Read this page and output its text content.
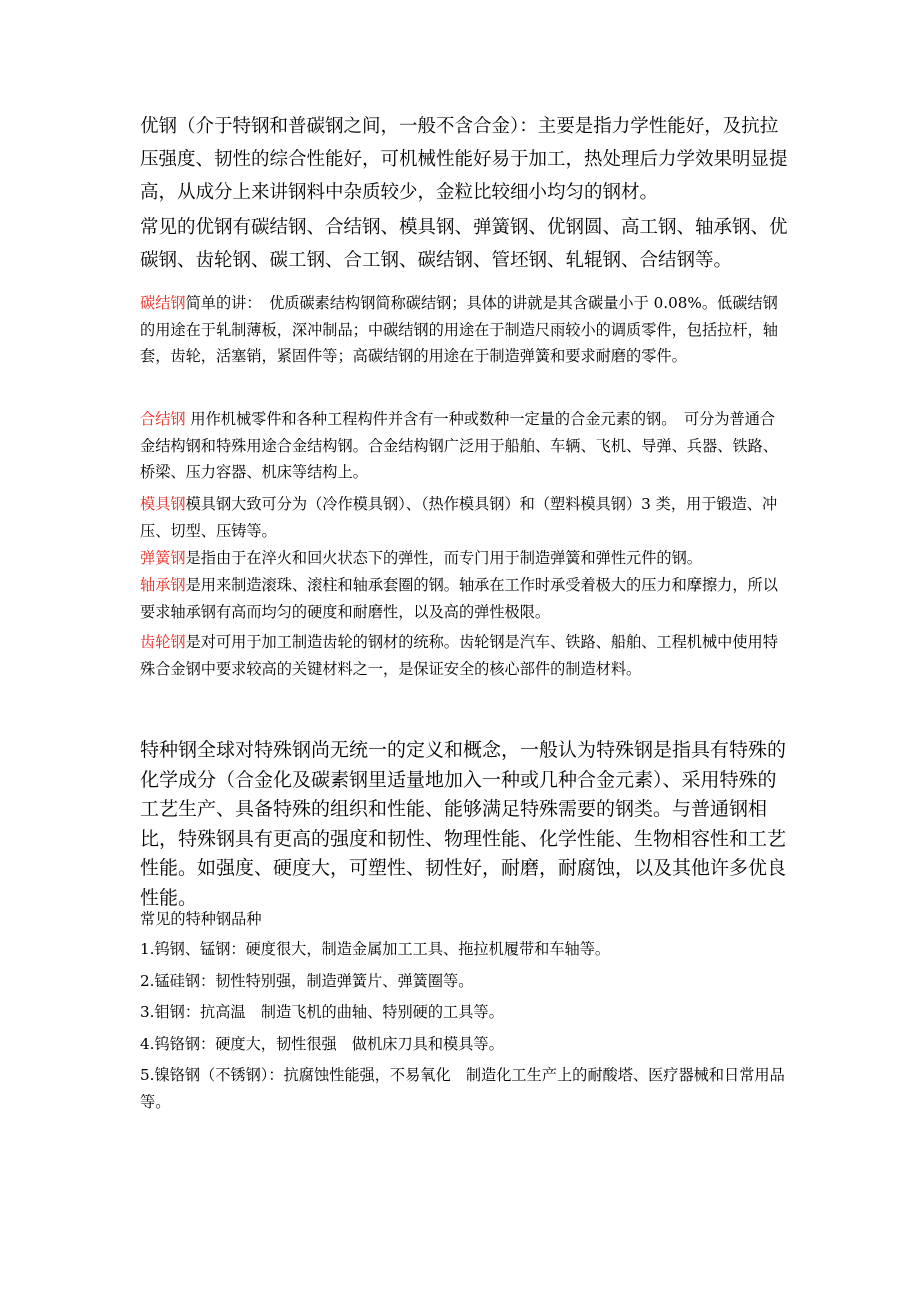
优钢（介于特钢和普碳钢之间，一般不含合金）：主要是指力学性能好，及抗拉压强度、韧性的综合性能好，可机械性能好易于加工，热处理后力学效果明显提高，从成分上来讲钢料中杂质较少，金粒比较细小均匀的钢材。

常见的优钢有碳结钢、合结钢、模具钢、弹簧钢、优钢圆、高工钢、轴承钢、优碳钢、齿轮钢、碳工钢、合工钢、碳结钢、管坯钢、轧辊钢、合结钢等。

碳结钢简单的讲：　优质碳素结构钢简称碳结钢；具体的讲就是其含碳量小于 0.08%。低碳结钢的用途在于轧制薄板，深冲制品；中碳结钢的用途在于制造尺雨较小的调质零件，包括拉杆，轴套，齿轮，活塞销，紧固件等；高碳结钢的用途在于制造弹簧和要求耐磨的零件。

合结钢 用作机械零件和各种工程构件并含有一种或数种一定量的合金元素的钢。　可分为普通合金结构钢和特殊用途合金结构钢。合金结构钢广泛用于船舶、车辆、飞机、导弹、兵器、铁路、桥梁、压力容器、机床等结构上。

模具钢模具钢大致可分为（冷作模具钢）、（热作模具钢）和（塑料模具钢）3 类，用于锻造、冲压、切型、压铸等。

弹簧钢是指由于在淬火和回火状态下的弹性，而专门用于制造弹簧和弹性元件的钢。

轴承钢是用来制造滚珠、滚柱和轴承套圈的钢。轴承在工作时承受着极大的压力和摩擦力，所以要求轴承钢有高而均匀的硬度和耐磨性，以及高的弹性极限。

齿轮钢是对可用于加工制造齿轮的钢材的统称。齿轮钢是汽车、铁路、船舶、工程机械中使用特殊合金钢中要求较高的关键材料之一，是保证安全的核心部件的制造材料。

特种钢全球对特殊钢尚无统一的定义和概念，一般认为特殊钢是指具有特殊的化学成分（合金化及碳素钢里适量地加入一种或几种合金元素）、采用特殊的工艺生产、具备特殊的组织和性能、能够满足特殊需要的钢类。与普通钢相比，特殊钢具有更高的强度和韧性、物理性能、化学性能、生物相容性和工艺性能。如强度、硬度大，可塑性、韧性好，耐磨，耐腐蚀，以及其他许多优良性能。

常见的特种钢品种

1.钨钢、锰钢：硬度很大，制造金属加工工具、拖拉机履带和车轴等。
2.锰硅钢：韧性特别强，制造弹簧片、弹簧圈等。
3.钼钢：抗高温　制造飞机的曲轴、特别硬的工具等。
4.钨铬钢：硬度大，韧性很强　做机床刀具和模具等。
5.镍铬钢（不锈钢）：抗腐蚀性能强，不易氧化　制造化工生产上的耐酸塔、医疗器械和日常用品等。
